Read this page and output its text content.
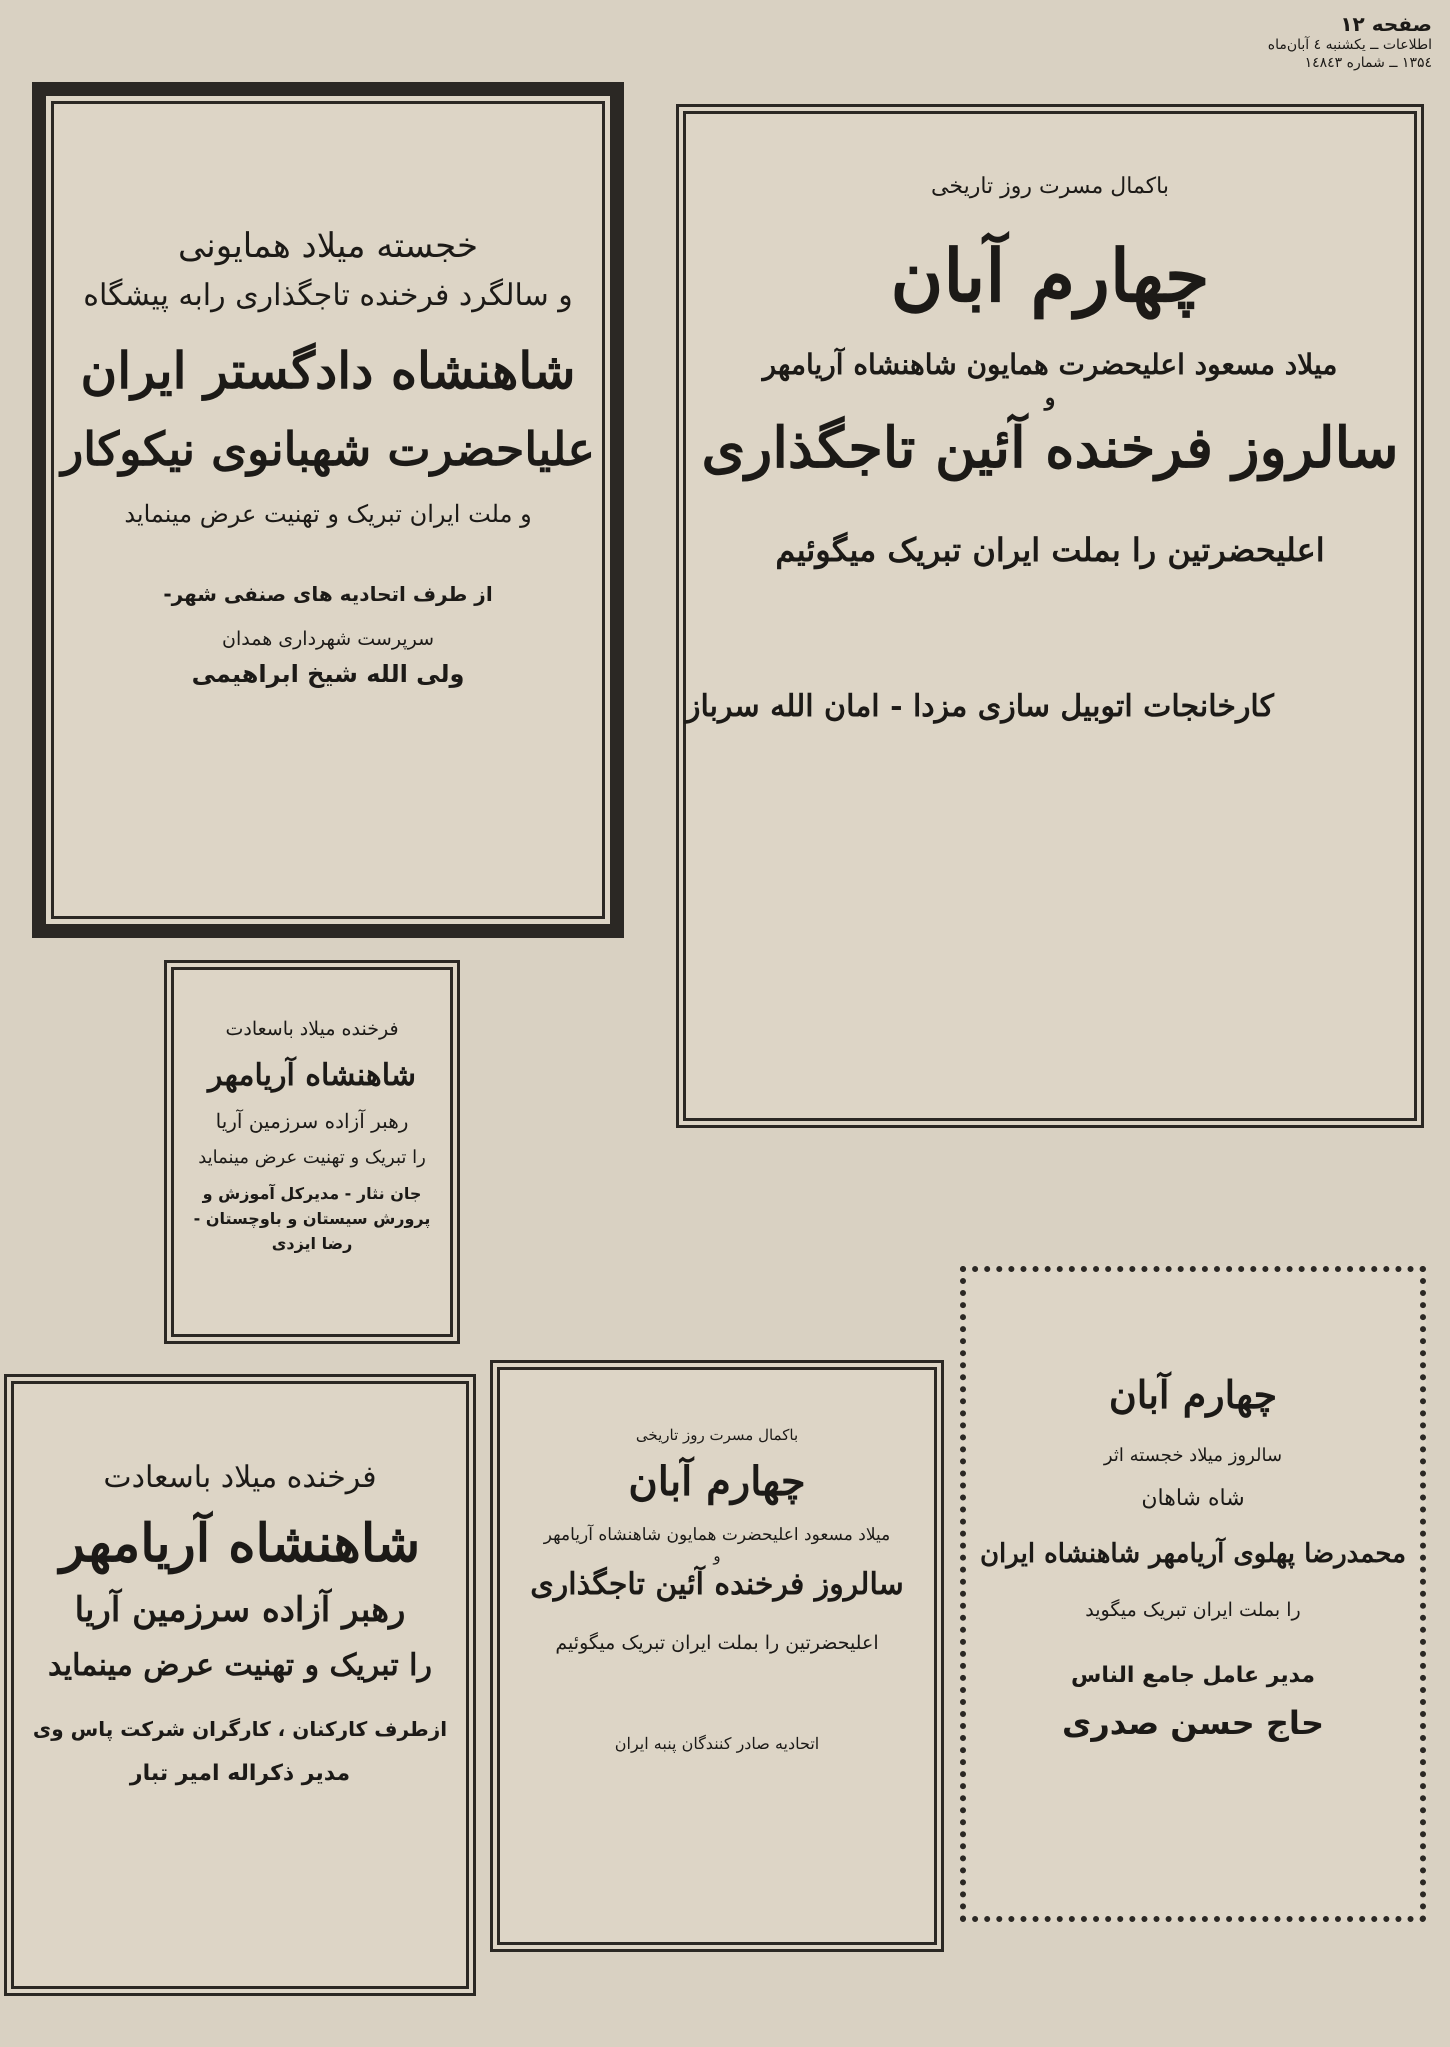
صفحه ۱۲
اطلاعات ــ یکشنبه ٤ آبان‌ماه
۱۳۵٤ ــ شماره ۱٤۸٤۳
خجسته میلاد همایونی
و سالگرد فرخنده تاجگذاری رابه پیشگاه
شاهنشاه دادگستر ایران
علیاحضرت شهبانوی نیکوکار
و ملت ایران تبریک و تهنیت عرض مینماید
از طرف اتحادیه های صنفی شهر-
سرپرست شهرداری همدان
ولی الله شیخ ابراهیمی
باکمال مسرت روز تاریخی
چهارم آبان
میلاد مسعود اعلیحضرت همایون شاهنشاه آریامهر
و
سالروز فرخنده آئین تاجگذاری
اعلیحضرتین را بملت ایران تبریک میگوئیم
کارخانجات اتوبیل سازی مزدا - امان الله سرباز
فرخنده میلاد باسعادت
شاهنشاه آریامهر
رهبر آزاده سرزمین آریا
را تبریک و تهنیت عرض مینماید
جان نثار - مدیرکل آموزش و
پرورش سیستان و باوچستان -
رضا ایزدی
چهارم آبان
سالروز میلاد خجسته اثر
شاه شاهان
محمدرضا پهلوی آریامهر شاهنشاه ایران
را بملت ایران تبریک میگوید
مدیر عامل جامع الناس
حاج حسن صدری
فرخنده میلاد باسعادت
شاهنشاه آریامهر
رهبر آزاده سرزمین آریا
را تبریک و تهنیت عرض مینماید
ازطرف کارکنان ، کارگران شرکت پاس وی
مدیر ذکراله امیر تبار
باکمال مسرت روز تاریخی
چهارم آبان
میلاد مسعود اعلیحضرت همایون شاهنشاه آریامهر
و
سالروز فرخنده آئین تاجگذاری
اعلیحضرتین را بملت ایران تبریک میگوئیم
اتحادیه صادر کنندگان پنبه ایران
